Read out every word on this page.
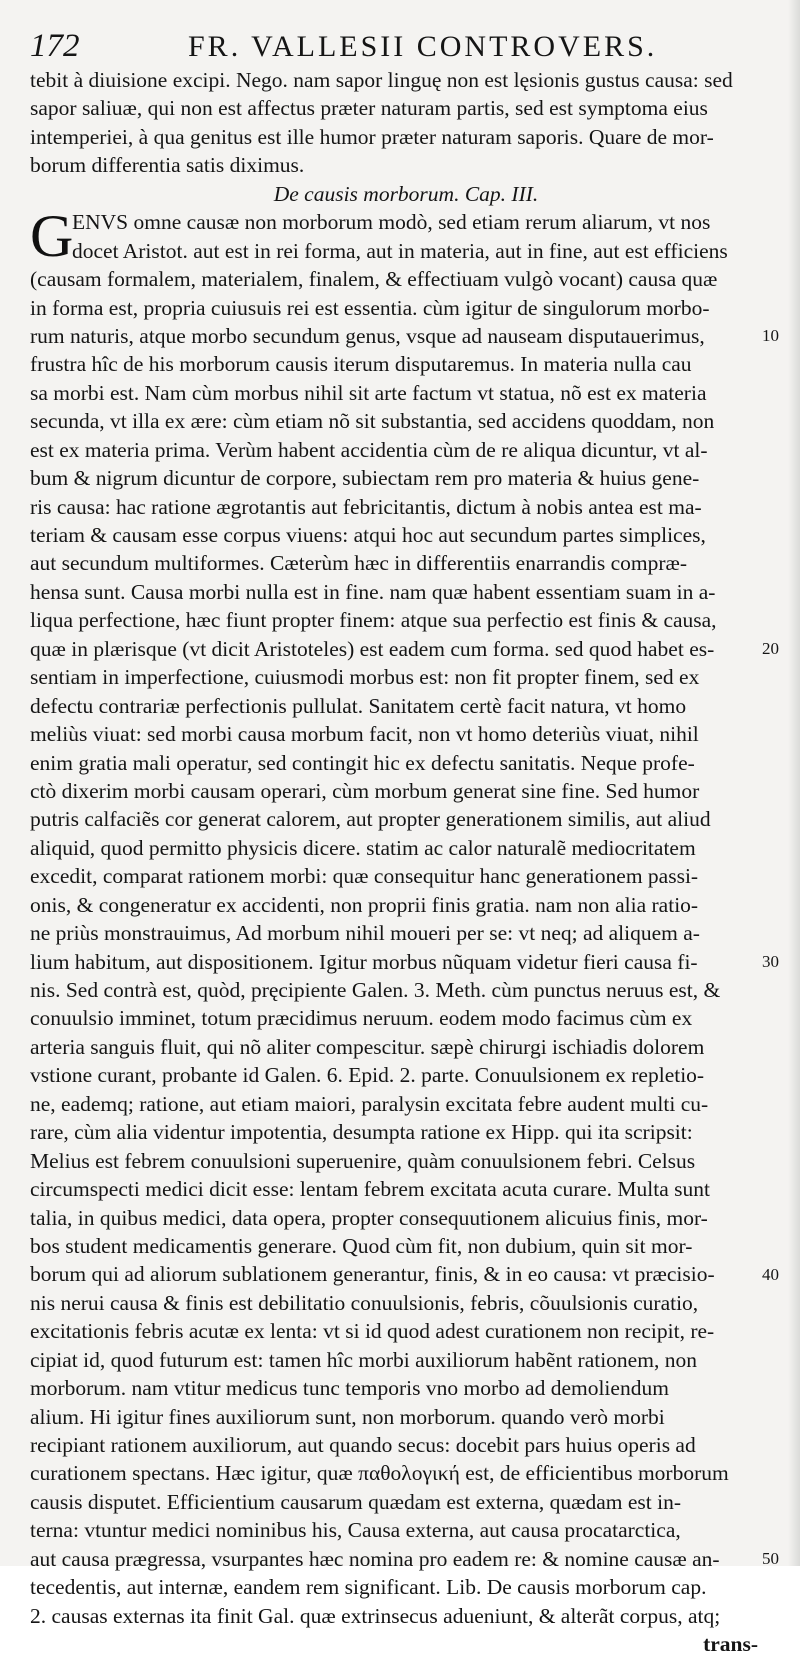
172	FR. VALLESII CONTROVERS.
tebit à diuisione excipi. Nego. nam sapor linguę non est lęsionis gustus causa: sed
sapor saliuæ, qui non est affectus præter naturam partis, sed est symptoma eius
intemperiei, à qua genitus est ille humor præter naturam saporis. Quare de mor-
borum differentia satis diximus.
De causis morborum. Cap. III.
G
ENVS omne causæ non morborum modò, sed etiam rerum aliarum, vt nos
docet Aristot. aut est in rei forma, aut in materia, aut in fine, aut est efficiens
(causam formalem, materialem, finalem, & effectiuam vulgò vocant) causa quæ
in forma est, propria cuiusuis rei est essentia. cùm igitur de singulorum morbo-
rum naturis, atque morbo secundum genus, vsque ad nauseam disputauerimus,
frustra hîc de his morborum causis iterum disputaremus. In materia nulla cau
sa morbi est. Nam cùm morbus nihil sit arte factum vt statua, nõ est ex materia
secunda, vt illa ex ære: cùm etiam nõ sit substantia, sed accidens quoddam, non
est ex materia prima. Verùm habent accidentia cùm de re aliqua dicuntur, vt al-
bum & nigrum dicuntur de corpore, subiectam rem pro materia & huius gene-
ris causa: hac ratione ægrotantis aut febricitantis, dictum à nobis antea est ma-
teriam & causam esse corpus viuens: atqui hoc aut secundum partes simplices,
aut secundum multiformes. Cæterùm hæc in differentiis enarrandis compræ-
hensa sunt. Causa morbi nulla est in fine. nam quæ habent essentiam suam in a-
liqua perfectione, hæc fiunt propter finem: atque sua perfectio est finis & causa,
quæ in plærisque (vt dicit Aristoteles) est eadem cum forma. sed quod habet es-
sentiam in imperfectione, cuiusmodi morbus est: non fit propter finem, sed ex
defectu contrariæ perfectionis pullulat. Sanitatem certè facit natura, vt homo
meliùs viuat: sed morbi causa morbum facit, non vt homo deteriùs viuat, nihil
enim gratia mali operatur, sed contingit hic ex defectu sanitatis. Neque profe-
ctò dixerim morbi causam operari, cùm morbum generat sine fine. Sed humor
putris calfaciẽs cor generat calorem, aut propter generationem similis, aut aliud
aliquid, quod permitto physicis dicere. statim ac calor naturalẽ mediocritatem
excedit, comparat rationem morbi: quæ consequitur hanc generationem passi-
onis, & congeneratur ex accidenti, non proprii finis gratia. nam non alia ratio-
ne priùs monstrauimus, Ad morbum nihil moueri per se: vt neq; ad aliquem a-
lium habitum, aut dispositionem. Igitur morbus nũquam videtur fieri causa fi-
nis. Sed contrà est, quòd, pręcipiente Galen. 3. Meth. cùm punctus neruus est, &
conuulsio imminet, totum præcidimus neruum. eodem modo facimus cùm ex
arteria sanguis fluit, qui nõ aliter compescitur. sæpè chirurgi ischiadis dolorem
vstione curant, probante id Galen. 6. Epid. 2. parte. Conuulsionem ex repletio-
ne, eademq; ratione, aut etiam maiori, paralysin excitata febre audent multi cu-
rare, cùm alia videntur impotentia, desumpta ratione ex Hipp. qui ita scripsit:
Melius est febrem conuulsioni superuenire, quàm conuulsionem febri. Celsus
circumspecti medici dicit esse: lentam febrem excitata acuta curare. Multa sunt
talia, in quibus medici, data opera, propter consequutionem alicuius finis, mor-
bos student medicamentis generare. Quod cùm fit, non dubium, quin sit mor-
borum qui ad aliorum sublationem generantur, finis, & in eo causa: vt præcisio-
nis nerui causa & finis est debilitatio conuulsionis, febris, cõuulsionis curatio,
excitationis febris acutæ ex lenta: vt si id quod adest curationem non recipit, re-
cipiat id, quod futurum est: tamen hîc morbi auxiliorum habẽnt rationem, non
morborum. nam vtitur medicus tunc temporis vno morbo ad demoliendum
alium. Hi igitur fines auxiliorum sunt, non morborum. quando verò morbi
recipiant rationem auxiliorum, aut quando secus: docebit pars huius operis ad
curationem spectans. Hæc igitur, quæ παθολογική est, de efficientibus morborum
causis disputet. Efficientium causarum quædam est externa, quædam est in-
terna: vtuntur medici nominibus his, Causa externa, aut causa procatarctica,
aut causa prægressa, vsurpantes hæc nomina pro eadem re: & nomine causæ an-
tecedentis, aut internæ, eandem rem significant. Lib. De causis morborum cap.
2. causas externas ita finit Gal. quæ extrinsecus adueniunt, & alterãt corpus, atq;
trans-
10
20
30
40
50
